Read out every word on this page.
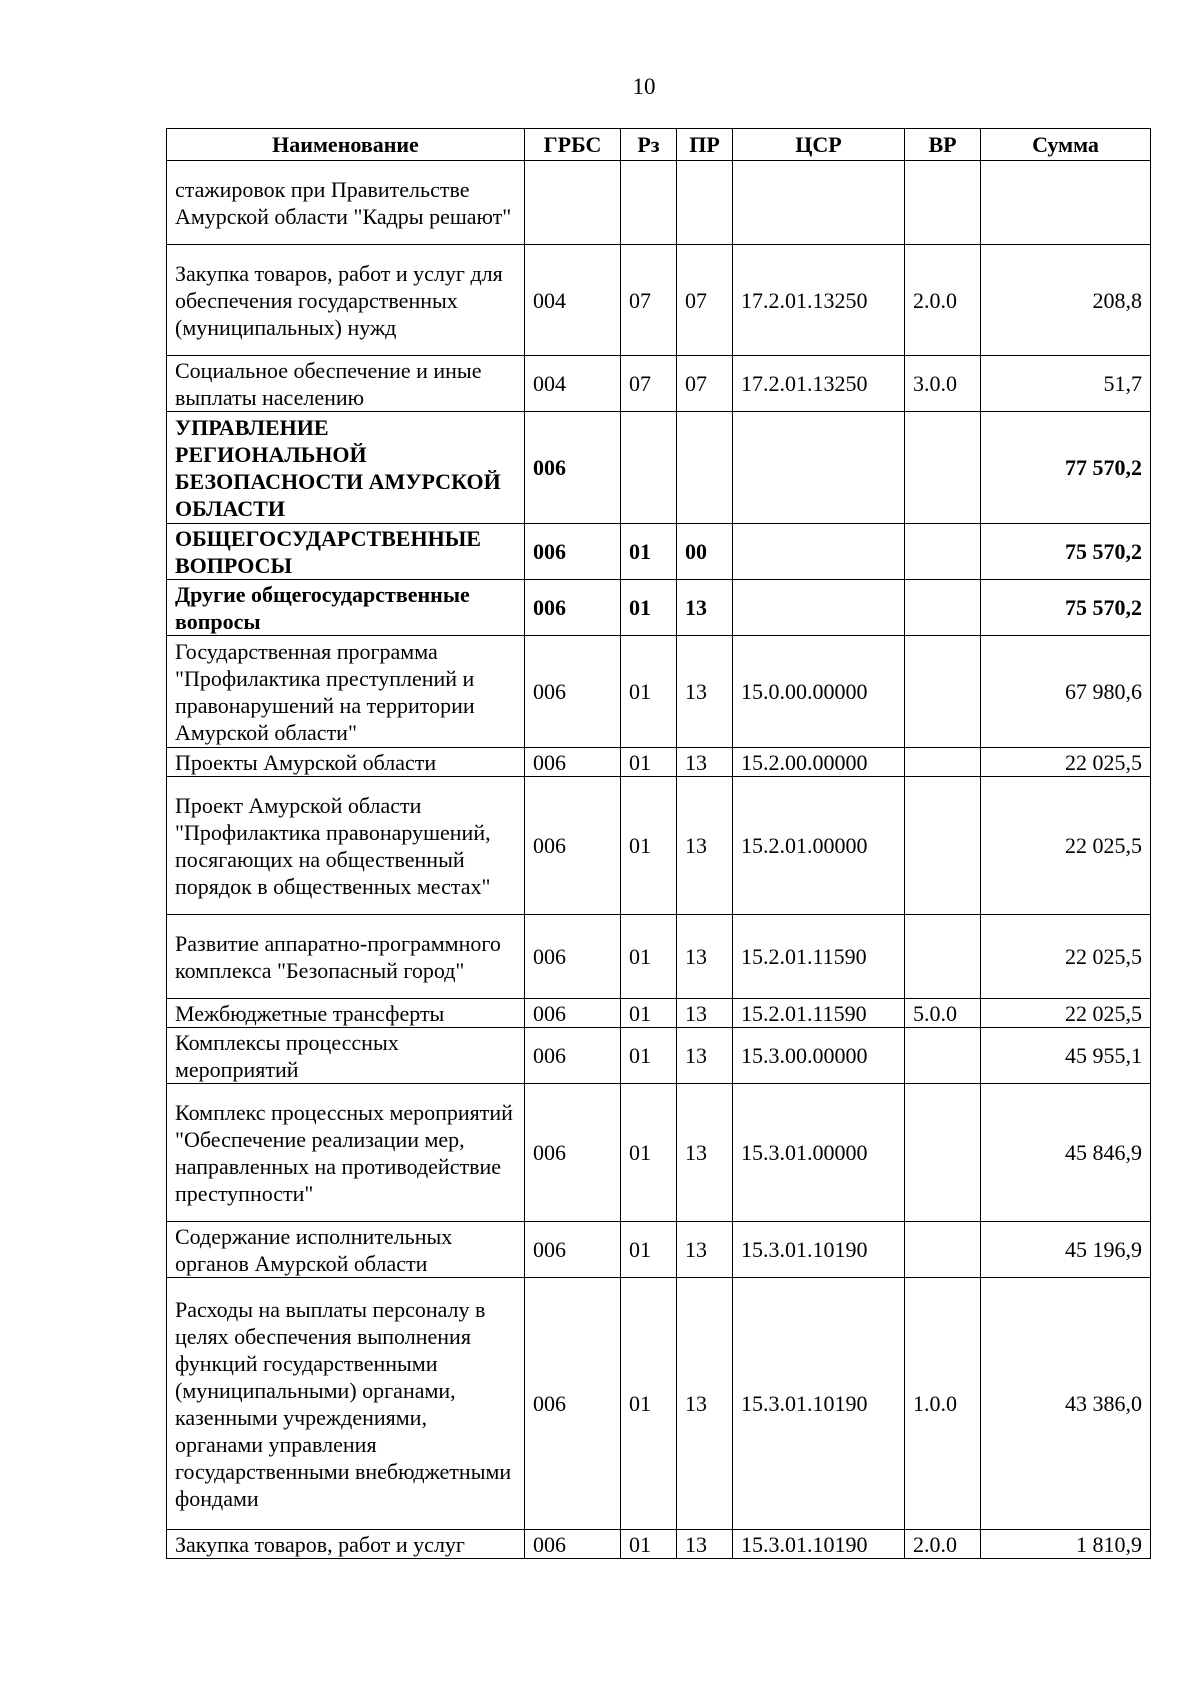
10
Наименование	ГРБС	Рз	ПР	ЦСР	ВР	Сумма
стажировок при Правительстве Амурской области "Кадры решают"						
Закупка товаров, работ и услуг для обеспечения государственных (муниципальных) нужд	004	07	07	17.2.01.13250	2.0.0	208,8
Социальное обеспечение и иные выплаты населению	004	07	07	17.2.01.13250	3.0.0	51,7
УПРАВЛЕНИЕ РЕГИОНАЛЬНОЙ БЕЗОПАСНОСТИ АМУРСКОЙ ОБЛАСТИ	006					77 570,2
ОБЩЕГОСУДАРСТВЕННЫЕ ВОПРОСЫ	006	01	00			75 570,2
Другие общегосударственные вопросы	006	01	13			75 570,2
Государственная программа "Профилактика преступлений и правонарушений на территории Амурской области"	006	01	13	15.0.00.00000		67 980,6
Проекты Амурской области	006	01	13	15.2.00.00000		22 025,5
Проект Амурской области "Профилактика правонарушений, посягающих на общественный порядок в общественных местах"	006	01	13	15.2.01.00000		22 025,5
Развитие аппаратно-программного комплекса "Безопасный город"	006	01	13	15.2.01.11590		22 025,5
Межбюджетные трансферты	006	01	13	15.2.01.11590	5.0.0	22 025,5
Комплексы процессных мероприятий	006	01	13	15.3.00.00000		45 955,1
Комплекс процессных мероприятий "Обеспечение реализации мер, направленных на противодействие преступности"	006	01	13	15.3.01.00000		45 846,9
Содержание исполнительных органов Амурской области	006	01	13	15.3.01.10190		45 196,9
Расходы на выплаты персоналу в целях обеспечения выполнения функций государственными (муниципальными) органами, казенными учреждениями, органами управления государственными внебюджетными фондами	006	01	13	15.3.01.10190	1.0.0	43 386,0
Закупка товаров, работ и услуг	006	01	13	15.3.01.10190	2.0.0	1 810,9
